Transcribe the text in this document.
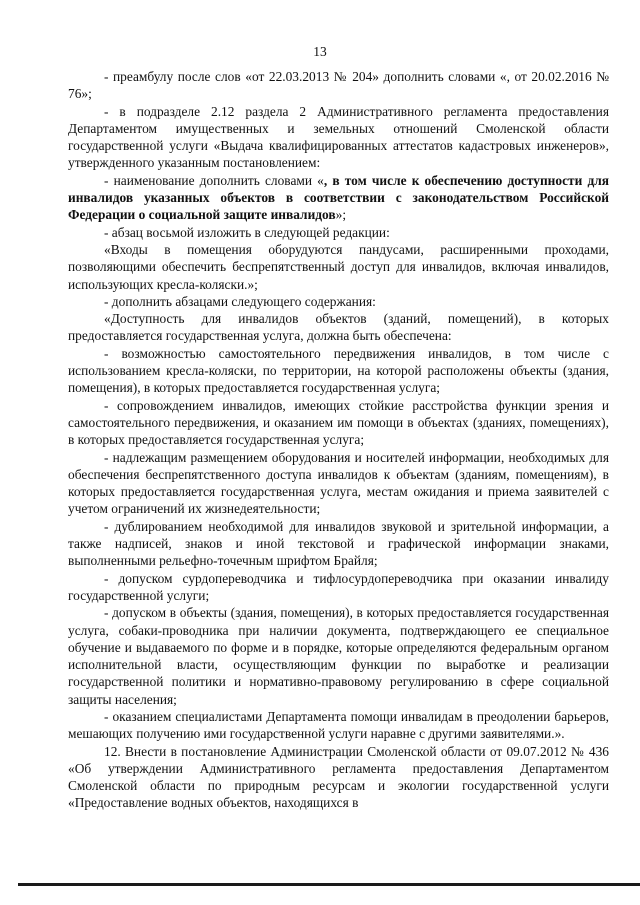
13

- преамбулу после слов «от 22.03.2013 № 204» дополнить словами «, от 20.02.2016 № 76»;

- в подразделе 2.12 раздела 2 Административного регламента предоставления Департаментом имущественных и земельных отношений Смоленской области государственной услуги «Выдача квалифицированных аттестатов кадастровых инженеров», утвержденного указанным постановлением:

- наименование дополнить словами «, в том числе к обеспечению доступности для инвалидов указанных объектов в соответствии с законодательством Российской Федерации о социальной защите инвалидов»;

- абзац восьмой изложить в следующей редакции:

«Входы в помещения оборудуются пандусами, расширенными проходами, позволяющими обеспечить беспрепятственный доступ для инвалидов, включая инвалидов, использующих кресла-коляски.»;

- дополнить абзацами следующего содержания:

«Доступность для инвалидов объектов (зданий, помещений), в которых предоставляется государственная услуга, должна быть обеспечена:

- возможностью самостоятельного передвижения инвалидов, в том числе с использованием кресла-коляски, по территории, на которой расположены объекты (здания, помещения), в которых предоставляется государственная услуга;

- сопровождением инвалидов, имеющих стойкие расстройства функции зрения и самостоятельного передвижения, и оказанием им помощи в объектах (зданиях, помещениях), в которых предоставляется государственная услуга;

- надлежащим размещением оборудования и носителей информации, необходимых для обеспечения беспрепятственного доступа инвалидов к объектам (зданиям, помещениям), в которых предоставляется государственная услуга, местам ожидания и приема заявителей с учетом ограничений их жизнедеятельности;

- дублированием необходимой для инвалидов звуковой и зрительной информации, а также надписей, знаков и иной текстовой и графической информации знаками, выполненными рельефно-точечным шрифтом Брайля;

- допуском сурдопереводчика и тифлосурдопереводчика при оказании инвалиду государственной услуги;

- допуском в объекты (здания, помещения), в которых предоставляется государственная услуга, собаки-проводника при наличии документа, подтверждающего ее специальное обучение и выдаваемого по форме и в порядке, которые определяются федеральным органом исполнительной власти, осуществляющим функции по выработке и реализации государственной политики и нормативно-правовому регулированию в сфере социальной защиты населения;

- оказанием специалистами Департамента помощи инвалидам в преодолении барьеров, мешающих получению ими государственной услуги наравне с другими заявителями.».

12. Внести в постановление Администрации Смоленской области от 09.07.2012 № 436 «Об утверждении Административного регламента предоставления Департаментом Смоленской области по природным ресурсам и экологии государственной услуги «Предоставление водных объектов, находящихся в
